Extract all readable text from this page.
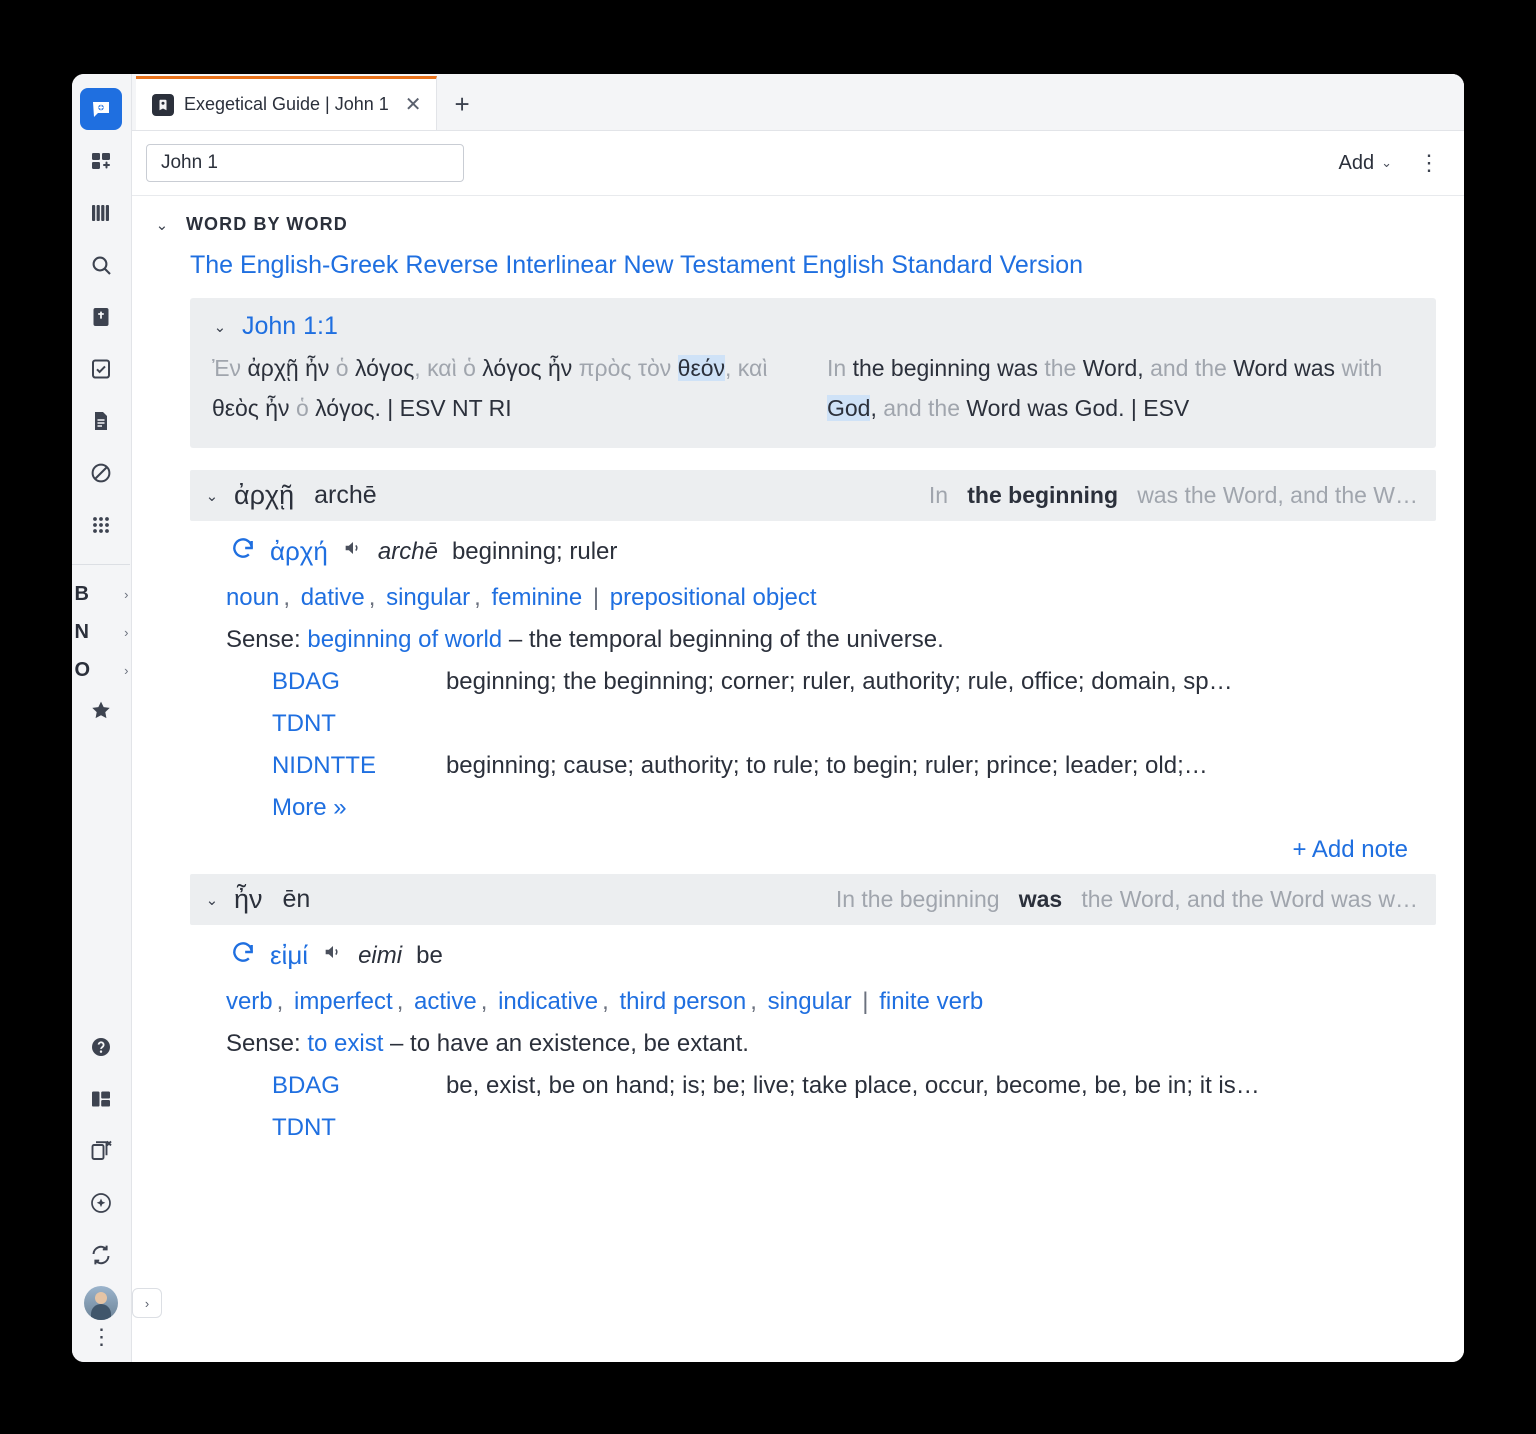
B	›
N	›
O	›
⋮
›
Exegetical Guide | John 1 ✕	+
John 1	Add ⌄ ⋮
⌄ WORD BY WORD
The English-Greek Reverse Interlinear New Testament English Standard Version
⌄ John 1:1
Ἐν ἀρχῇ ἦν ὁ λόγος, καὶ ὁ λόγος ἦν πρὸς τὸν θεόν, καὶ θεὸς ἦν ὁ λόγος. | ESV NT RI
In the beginning was the Word, and the Word was with God, and the Word was God. | ESV
⌄ ἀρχῇ archē	In the beginning was the Word, and the W…
ἀρχή archē beginning; ruler
noun , dative , singular , feminine | prepositional object
Sense: beginning of world – the temporal beginning of the universe.
BDAG	beginning; the beginning; corner; ruler, authority; rule, office; domain, sp…
TDNT
NIDNTTE	beginning; cause; authority; to rule; to begin; ruler; prince; leader; old;…
More »
+ Add note
⌄ ἦν ēn	In the beginning was the Word, and the Word was w…
εἰμί eimi be
verb , imperfect , active , indicative , third person , singular | finite verb
Sense: to exist – to have an existence, be extant.
BDAG	be, exist, be on hand; is; be; live; take place, occur, become, be, be in; it is…
TDNT
